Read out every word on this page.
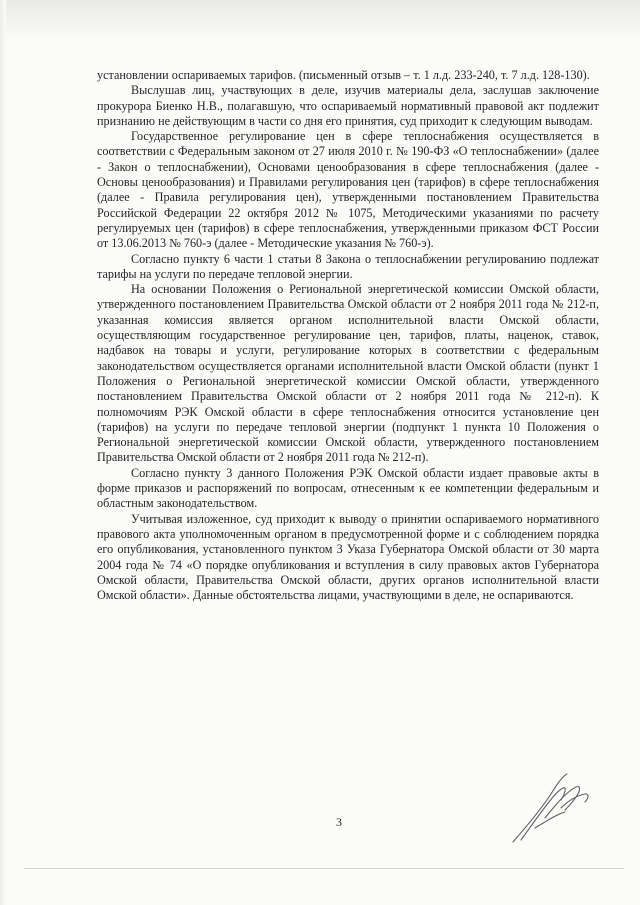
установлении оспариваемых тарифов. (письменный отзыв – т. 1 л.д. 233-240, т. 7 л.д. 128-130).

Выслушав лиц, участвующих в деле, изучив материалы дела, заслушав заключение прокурора Биенко Н.В., полагавшую, что оспариваемый нормативный правовой акт подлежит признанию не действующим в части со дня его принятия, суд приходит к следующим выводам.

Государственное регулирование цен в сфере теплоснабжения осуществляется в соответствии с Федеральным законом от 27 июля 2010 г. № 190-ФЗ «О теплоснабжении» (далее - Закон о теплоснабжении), Основами ценообразования в сфере теплоснабжения (далее - Основы ценообразования) и Правилами регулирования цен (тарифов) в сфере теплоснабжения (далее - Правила регулирования цен), утвержденными постановлением Правительства Российской Федерации 22 октября 2012 № 1075, Методическими указаниями по расчету регулируемых цен (тарифов) в сфере теплоснабжения, утвержденными приказом ФСТ России от 13.06.2013 № 760-э (далее - Методические указания № 760-э).

Согласно пункту 6 части 1 статьи 8 Закона о теплоснабжении регулированию подлежат тарифы на услуги по передаче тепловой энергии.

На основании Положения о Региональной энергетической комиссии Омской области, утвержденного постановлением Правительства Омской области от 2 ноября 2011 года № 212-п, указанная комиссия является органом исполнительной власти Омской области, осуществляющим государственное регулирование цен, тарифов, платы, наценок, ставок, надбавок на товары и услуги, регулирование которых в соответствии с федеральным законодательством осуществляется органами исполнительной власти Омской области (пункт 1 Положения о Региональной энергетической комиссии Омской области, утвержденного постановлением Правительства Омской области от 2 ноября 2011 года № 212-п). К полномочиям РЭК Омской области в сфере теплоснабжения относится установление цен (тарифов) на услуги по передаче тепловой энергии (подпункт 1 пункта 10 Положения о Региональной энергетической комиссии Омской области, утвержденного постановлением Правительства Омской области от 2 ноября 2011 года № 212-п).

Согласно пункту 3 данного Положения РЭК Омской области издает правовые акты в форме приказов и распоряжений по вопросам, отнесенным к ее компетенции федеральным и областным законодательством.

Учитывая изложенное, суд приходит к выводу о принятии оспариваемого нормативного правового акта уполномоченным органом в предусмотренной форме и с соблюдением порядка его опубликования, установленного пунктом 3 Указа Губернатора Омской области от 30 марта 2004 года № 74 «О порядке опубликования и вступления в силу правовых актов Губернатора Омской области, Правительства Омской области, других органов исполнительной власти Омской области». Данные обстоятельства лицами, участвующими в деле, не оспариваются.

3
